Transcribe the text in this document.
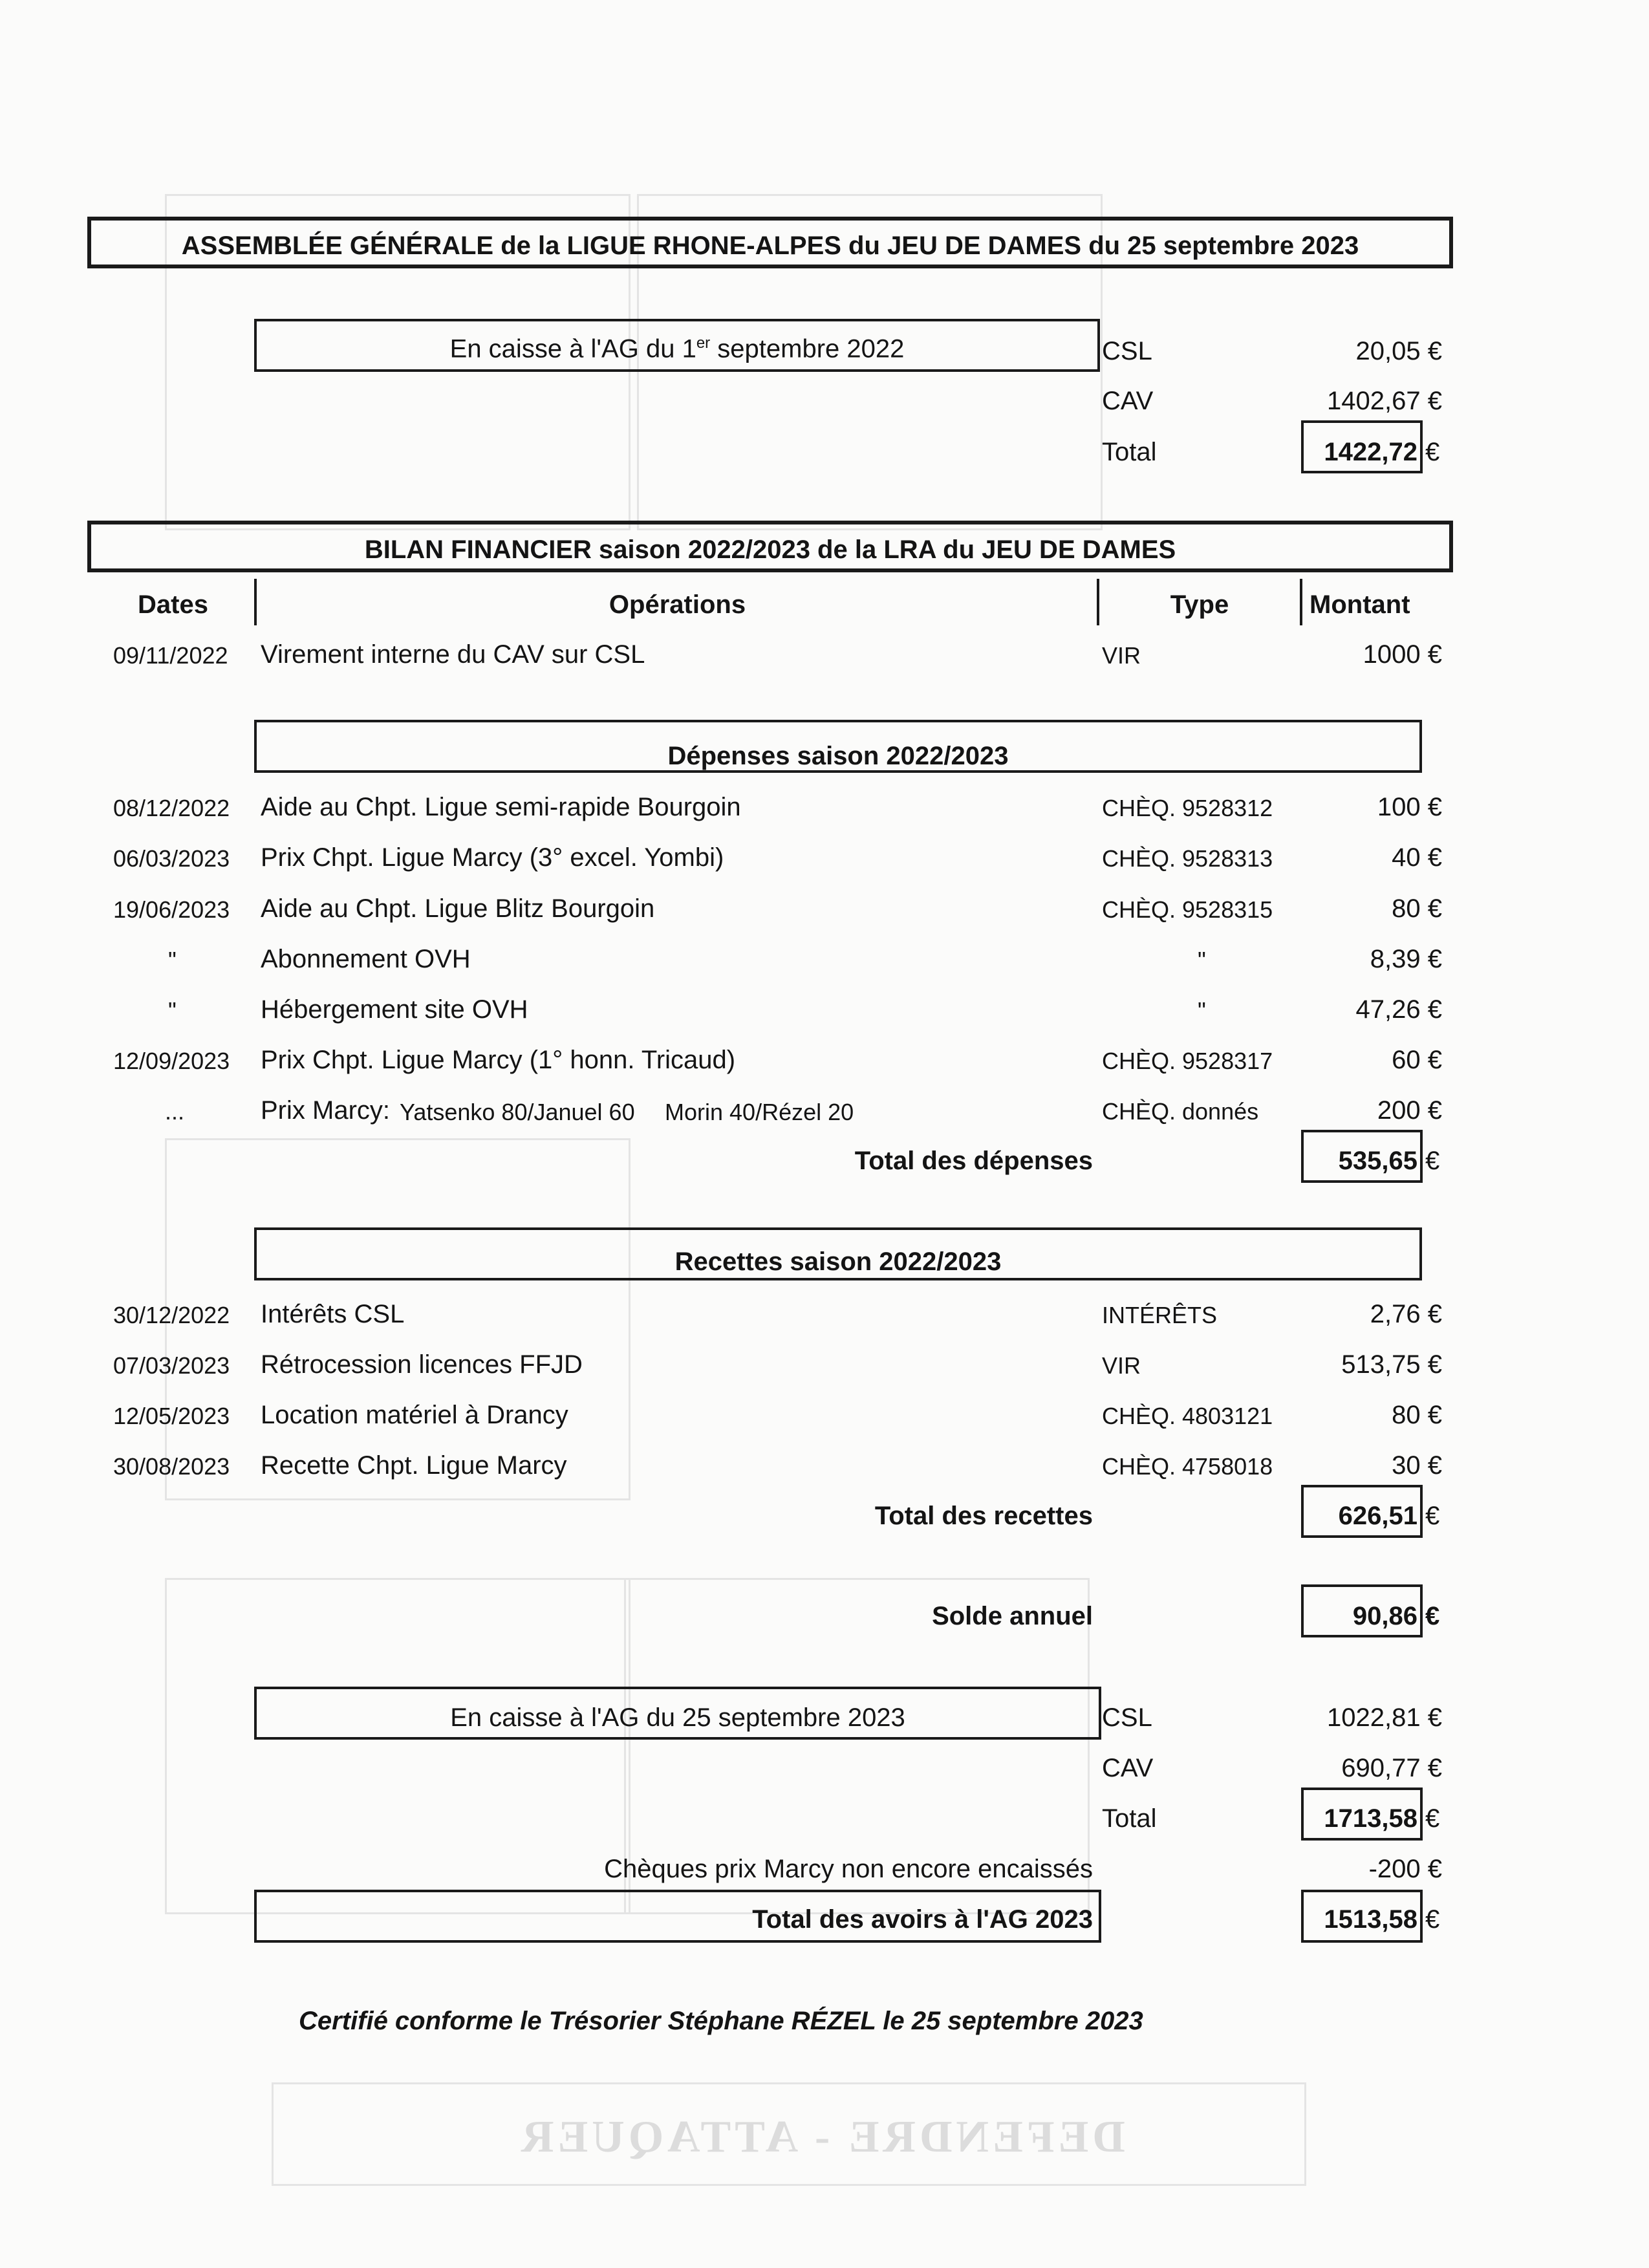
DEFENDRE - ATTAQUER
ASSEMBLÉE GÉNÉRALE de la LIGUE RHONE-ALPES du JEU DE DAMES du 25 septembre 2023
En caisse à l'AG du 1er septembre 2022	CSL	20,05 €
CAV	1402,67 €
Total	1422,72 €
BILAN FINANCIER saison 2022/2023 de la LRA du JEU DE DAMES
Dates	Opérations	Type	Montant
09/11/2022 Virement interne du CAV sur CSL	VIR	1000 €
Dépenses saison 2022/2023
08/12/2022 Aide au Chpt. Ligue semi-rapide Bourgoin	CHÈQ. 9528312	100 €
06/03/2023 Prix Chpt. Ligue Marcy (3° excel. Yombi)	CHÈQ. 9528313	40 €
19/06/2023 Aide au Chpt. Ligue Blitz Bourgoin	CHÈQ. 9528315	80 €
"	Abonnement OVH	"	8,39 €
"	Hébergement site OVH	"	47,26 €
12/09/2023 Prix Chpt. Ligue Marcy (1° honn. Tricaud)	CHÈQ. 9528317	60 €
...	Prix Marcy: Yatsenko 80/Januel 60 Morin 40/Rézel 20	CHÈQ. donnés	200 €
Total des dépenses	535,65 €
Recettes saison 2022/2023
30/12/2022 Intérêts CSL	INTÉRÊTS	2,76 €
07/03/2023 Rétrocession licences FFJD	VIR	513,75 €
12/05/2023 Location matériel à Drancy	CHÈQ. 4803121	80 €
30/08/2023 Recette Chpt. Ligue Marcy	CHÈQ. 4758018	30 €
Total des recettes	626,51 €
Solde annuel	90,86 €
En caisse à l'AG du 25 septembre 2023	CSL	1022,81 €
CAV	690,77 €
Total	1713,58 €
Chèques prix Marcy non encore encaissés	-200 €
Total des avoirs à l'AG 2023	1513,58 €
Certifié conforme le Trésorier Stéphane RÉZEL le 25 septembre 2023
